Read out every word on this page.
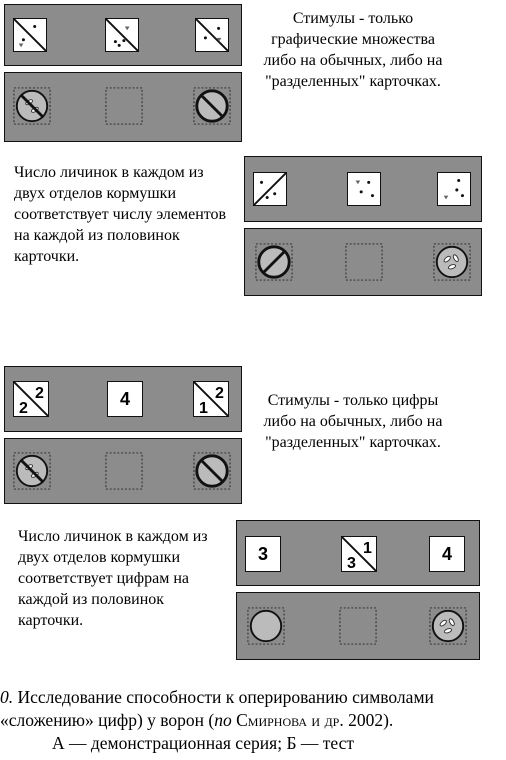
Стимулы - только графические множества либо на обычных, либо на "разделенных" карточках.
Число личинок в каждом из двух отделов кормушки соответствует числу элементов на каждой из половинок карточки.
2
2	4	2
1	Стимулы - только цифры либо на обычных, либо на "разделенных" карточках.
Число личинок в каждом из двух отделов кормушки соответствует цифрам на каждой из половинок карточки.
3	1
3	4
0. Исследование способности к оперированию символами
«сложению» цифр) у ворон (по Смирнова и др. 2002).
А — демонстрационная серия; Б — тест
